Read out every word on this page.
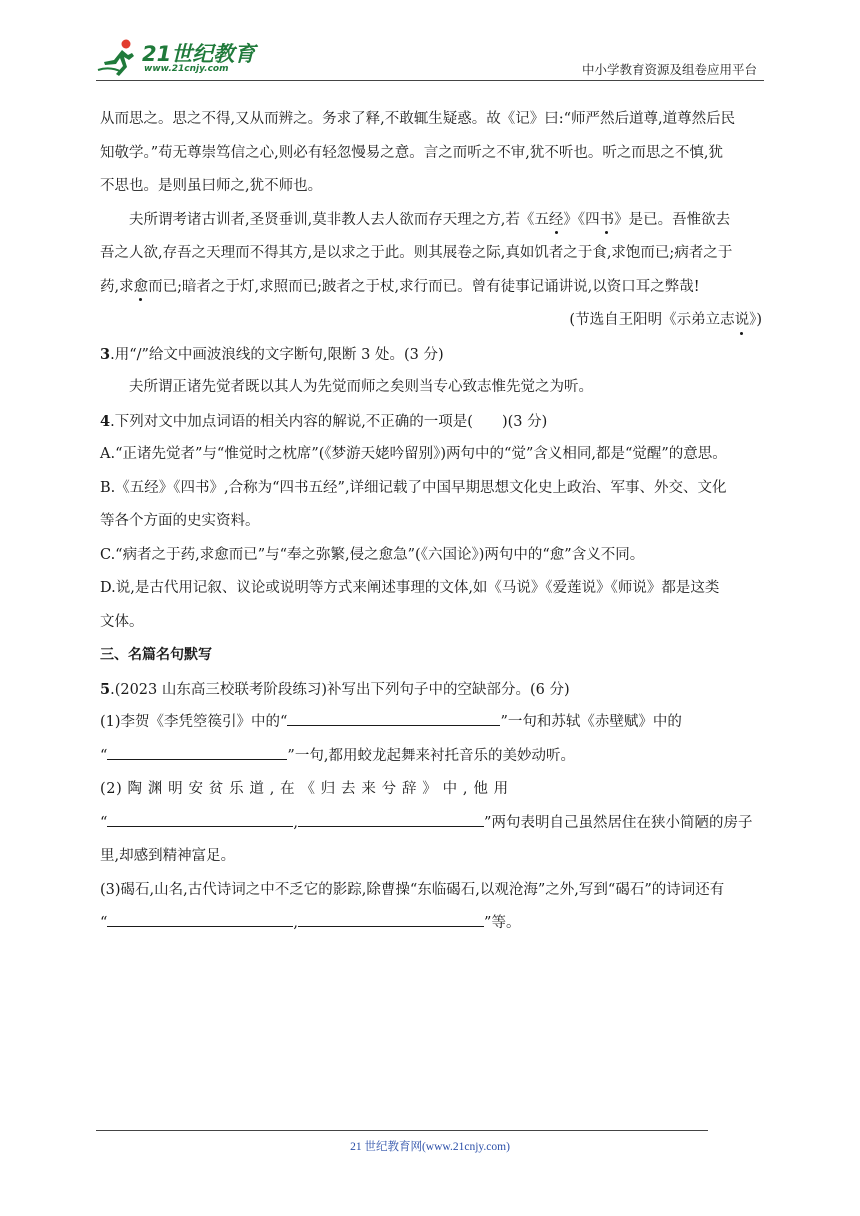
21世纪教育
www.21cnjy.com	中小学教育资源及组卷应用平台
从而思之。思之不得,又从而辨之。务求了释,不敢辄生疑惑。故《记》曰:“师严然后道尊,道尊然后民
知敬学。”苟无尊崇笃信之心,则必有轻忽慢易之意。言之而听之不审,犹不听也。听之而思之不慎,犹
不思也。是则虽曰师之,犹不师也。
夫所谓考诸古训者,圣贤垂训,莫非教人去人欲而存天理之方,若《五经》《四书》是已。吾惟欲去
吾之人欲,存吾之天理而不得其方,是以求之于此。则其展卷之际,真如饥者之于食,求饱而已;病者之于
药,求愈而已;暗者之于灯,求照而已;跛者之于杖,求行而已。曾有徒事记诵讲说,以资口耳之弊哉!
(节选自王阳明《示弟立志说》)
3.用“/”给文中画波浪线的文字断句,限断 3 处。(3 分)
夫所谓正诸先觉者既以其人为先觉而师之矣则当专心致志惟先觉之为听。
4.下列对文中加点词语的相关内容的解说,不正确的一项是(　　)(3 分)
A.“正诸先觉者”与“惟觉时之枕席”(《梦游天姥吟留别》)两句中的“觉”含义相同,都是“觉醒”的意思。
B.《五经》《四书》,合称为“四书五经”,详细记载了中国早期思想文化史上政治、军事、外交、文化
等各个方面的史实资料。
C.“病者之于药,求愈而已”与“奉之弥繁,侵之愈急”(《六国论》)两句中的“愈”含义不同。
D.说,是古代用记叙、议论或说明等方式来阐述事理的文体,如《马说》《爱莲说》《师说》都是这类
文体。
三、名篇名句默写
5.(2023 山东高三校联考阶段练习)补写出下列句子中的空缺部分。(6 分)
(1)李贺《李凭箜篌引》中的“	”一句和苏轼《赤壁赋》中的
“	”一句,都用蛟龙起舞来衬托音乐的美妙动听。
(2) 陶 渊 明 安 贫 乐 道 , 在 《 归 去 来 兮 辞 》 中 , 他 用
“	,	”两句表明自己虽然居住在狭小简陋的房子
里,却感到精神富足。
(3)碣石,山名,古代诗词之中不乏它的影踪,除曹操“东临碣石,以观沧海”之外,写到“碣石”的诗词还有
“	,	”等。
21 世纪教育网(www.21cnjy.com)
